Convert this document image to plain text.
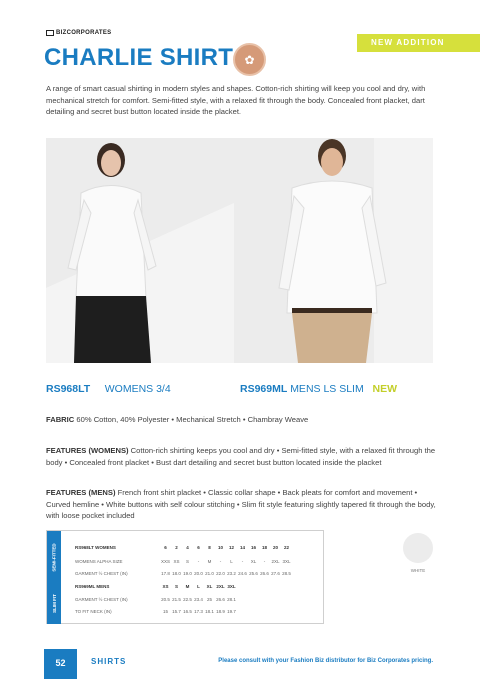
BIZCORPORATES
NEW ADDITION
CHARLIE SHIRT ✿
A range of smart casual shirting in modern styles and shapes. Cotton-rich shirting will keep you cool and dry, with mechanical stretch for comfort. Semi-fitted style, with a relaxed fit through the body. Concealed front placket, dart detailing and secret bust button located inside the placket.
RS968LT WOMENS 3/4	RS969ML MENS LS SLIM NEW
FABRIC 60% Cotton, 40% Polyester • Mechanical Stretch • Chambray Weave
FEATURES (WOMENS) Cotton-rich shirting keeps you cool and dry • Semi-fitted style, with a relaxed fit through the body • Concealed front placket • Bust dart detailing and secret bust button located inside the placket
FEATURES (MENS) French front shirt placket • Classic collar shape • Back pleats for comfort and movement • Curved hemline • White buttons with self colour stitching • Slim fit style featuring slightly tapered fit through the body, with loose pocket included
SEMI-FITTED
SLIM FIT
RS968LT WOMENS	6	2	4	6	8	10	12	14	16	18	20	22
WOMENS ALPHA SIZE	XXS XS	S	-	M	-	L	-	XL	-	2XL 3XL
GARMENT ½ CHEST (IN)	17.8 18.0 19.0 20.0 21.0 22.0 23.2 24.6 25.6 26.6 27.6 28.5
RS969ML MENS	XS	S	M	L	XL 2XL 3XL
GARMENT ½ CHEST (IN)	20.5 21.5 22.5 23.4 25 26.6 28.1
TO FIT NECK (IN)	15 15.7 16.5 17.3 18.1 18.9 19.7
WHITE
52	SHIRTS	Please consult with your Fashion Biz distributor for Biz Corporates pricing.
